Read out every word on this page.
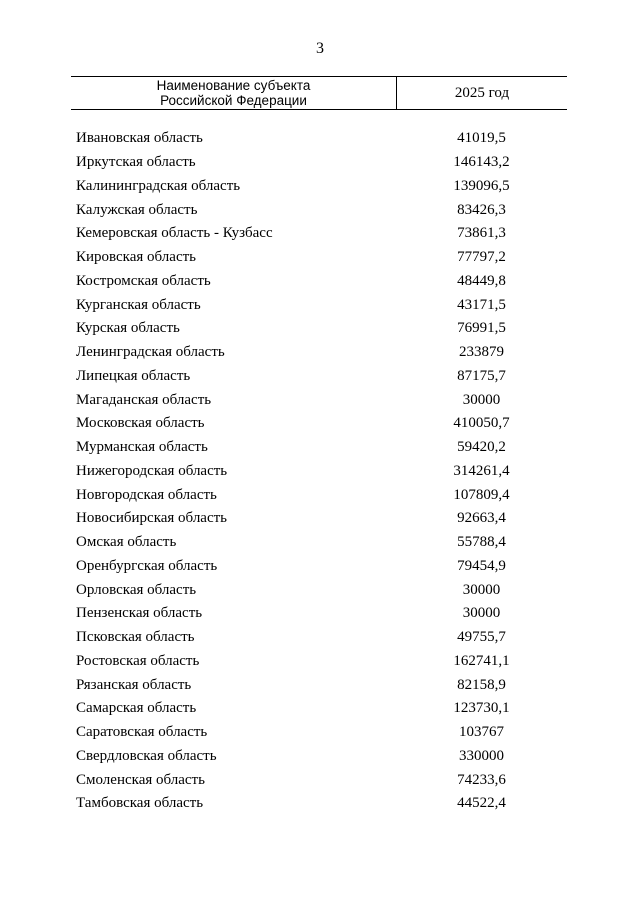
3
Наименование субъекта
Российской Федерации	2025 год
Ивановская область	41019,5
Иркутская область	146143,2
Калининградская область	139096,5
Калужская область	83426,3
Кемеровская область - Кузбасс	73861,3
Кировская область	77797,2
Костромская область	48449,8
Курганская область	43171,5
Курская область	76991,5
Ленинградская область	233879
Липецкая область	87175,7
Магаданская область	30000
Московская область	410050,7
Мурманская область	59420,2
Нижегородская область	314261,4
Новгородская область	107809,4
Новосибирская область	92663,4
Омская область	55788,4
Оренбургская область	79454,9
Орловская область	30000
Пензенская область	30000
Псковская область	49755,7
Ростовская область	162741,1
Рязанская область	82158,9
Самарская область	123730,1
Саратовская область	103767
Свердловская область	330000
Смоленская область	74233,6
Тамбовская область	44522,4
